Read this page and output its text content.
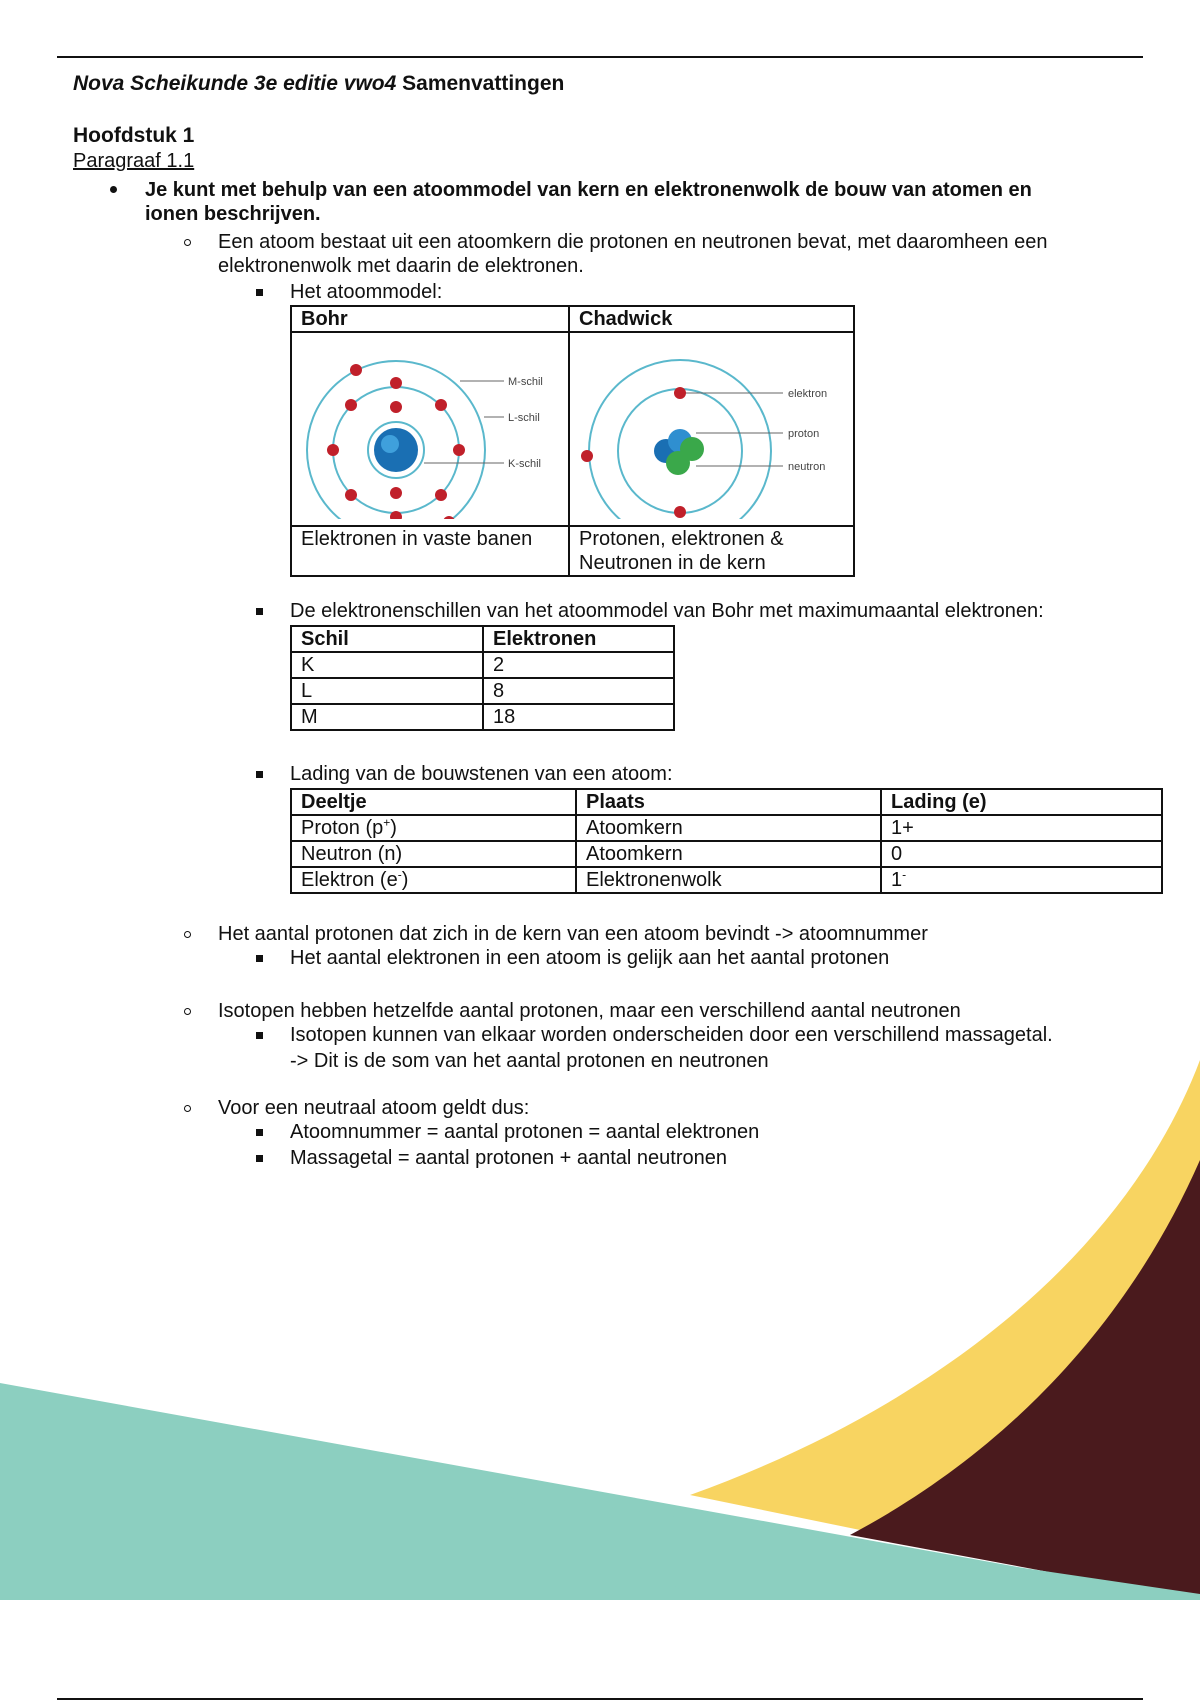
Nova Scheikunde 3e editie vwo4 Samenvattingen
Hoofdstuk 1
Paragraaf 1.1
Je kunt met behulp van een atoommodel van kern en elektronenwolk de bouw van atomen en
ionen beschrijven.
Een atoom bestaat uit een atoomkern die protonen en neutronen bevat, met daaromheen een
elektronenwolk met daarin de elektronen.
Het atoommodel:
Bohr	Chadwick

M-schil
L-schil
K-schil	elektron
proton
neutron

Elektronen in vaste banen	Protonen, elektronen &
Neutronen in de kern
De elektronenschillen van het atoommodel van Bohr met maximumaantal elektronen:
Schil	Elektronen
K	2
L	8
M	18
Lading van de bouwstenen van een atoom:
Deeltje	Plaats	Lading (e)
Proton (p+)	Atoomkern	1+
Neutron (n)	Atoomkern	0
Elektron (e-)	Elektronenwolk	1-
Het aantal protonen dat zich in de kern van een atoom bevindt -> atoomnummer
Het aantal elektronen in een atoom is gelijk aan het aantal protonen
Isotopen hebben hetzelfde aantal protonen, maar een verschillend aantal neutronen
Isotopen kunnen van elkaar worden onderscheiden door een verschillend massagetal.
-> Dit is de som van het aantal protonen en neutronen
Voor een neutraal atoom geldt dus:
Atoomnummer = aantal protonen = aantal elektronen
Massagetal = aantal protonen + aantal neutronen
